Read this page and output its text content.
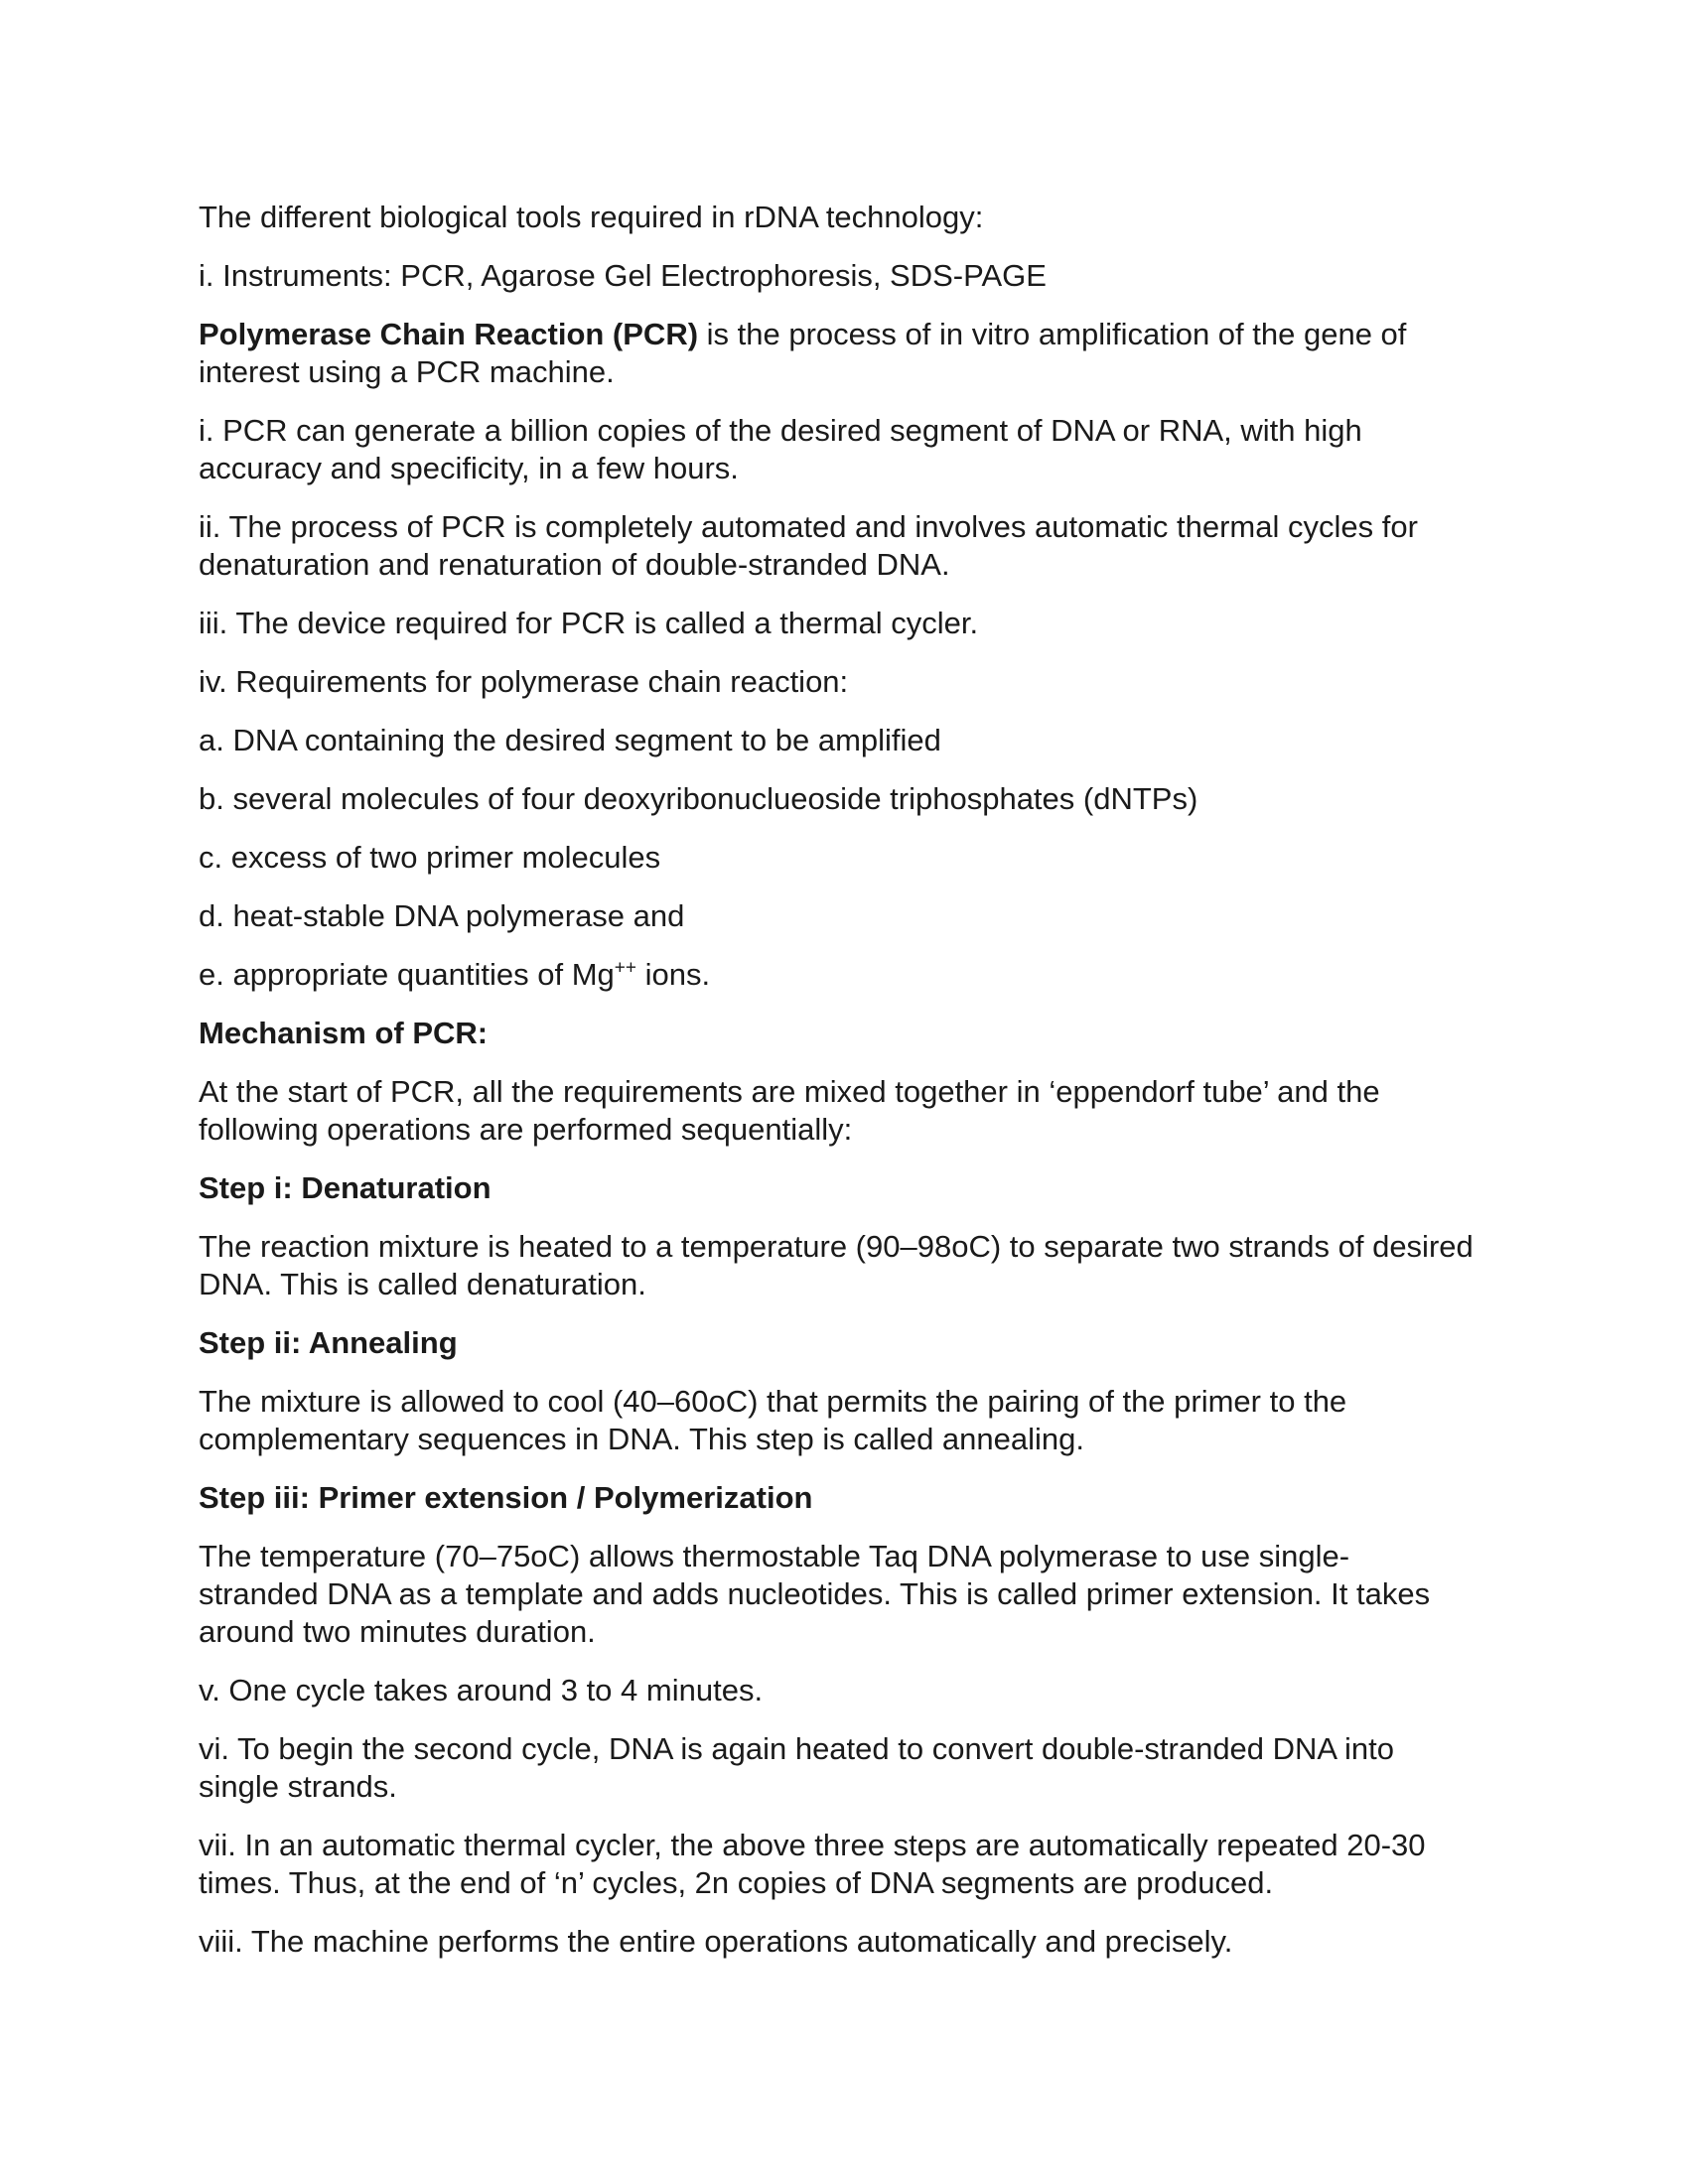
The different biological tools required in rDNA technology:

i. Instruments: PCR, Agarose Gel Electrophoresis, SDS-PAGE

Polymerase Chain Reaction (PCR) is the process of in vitro amplification of the gene of interest using a PCR machine.

i. PCR can generate a billion copies of the desired segment of DNA or RNA, with high accuracy and specificity, in a few hours.

ii. The process of PCR is completely automated and involves automatic thermal cycles for denaturation and renaturation of double-stranded DNA.

iii. The device required for PCR is called a thermal cycler.

iv. Requirements for polymerase chain reaction:

a. DNA containing the desired segment to be amplified

b. several molecules of four deoxyribonuclueoside triphosphates (dNTPs)

c. excess of two primer molecules

d. heat-stable DNA polymerase and

e. appropriate quantities of Mg++ ions.

Mechanism of PCR:

At the start of PCR, all the requirements are mixed together in ‘eppendorf tube’ and the following operations are performed sequentially:

Step i: Denaturation

The reaction mixture is heated to a temperature (90–98oC) to separate two strands of desired DNA. This is called denaturation.

Step ii: Annealing

The mixture is allowed to cool (40–60oC) that permits the pairing of the primer to the complementary sequences in DNA. This step is called annealing.

Step iii: Primer extension / Polymerization

The temperature (70–75oC) allows thermostable Taq DNA polymerase to use single-stranded DNA as a template and adds nucleotides. This is called primer extension. It takes around two minutes duration.

v. One cycle takes around 3 to 4 minutes.

vi. To begin the second cycle, DNA is again heated to convert double-stranded DNA into single strands.

vii. In an automatic thermal cycler, the above three steps are automatically repeated 20-30 times. Thus, at the end of ‘n’ cycles, 2n copies of DNA segments are produced.

viii. The machine performs the entire operations automatically and precisely.
